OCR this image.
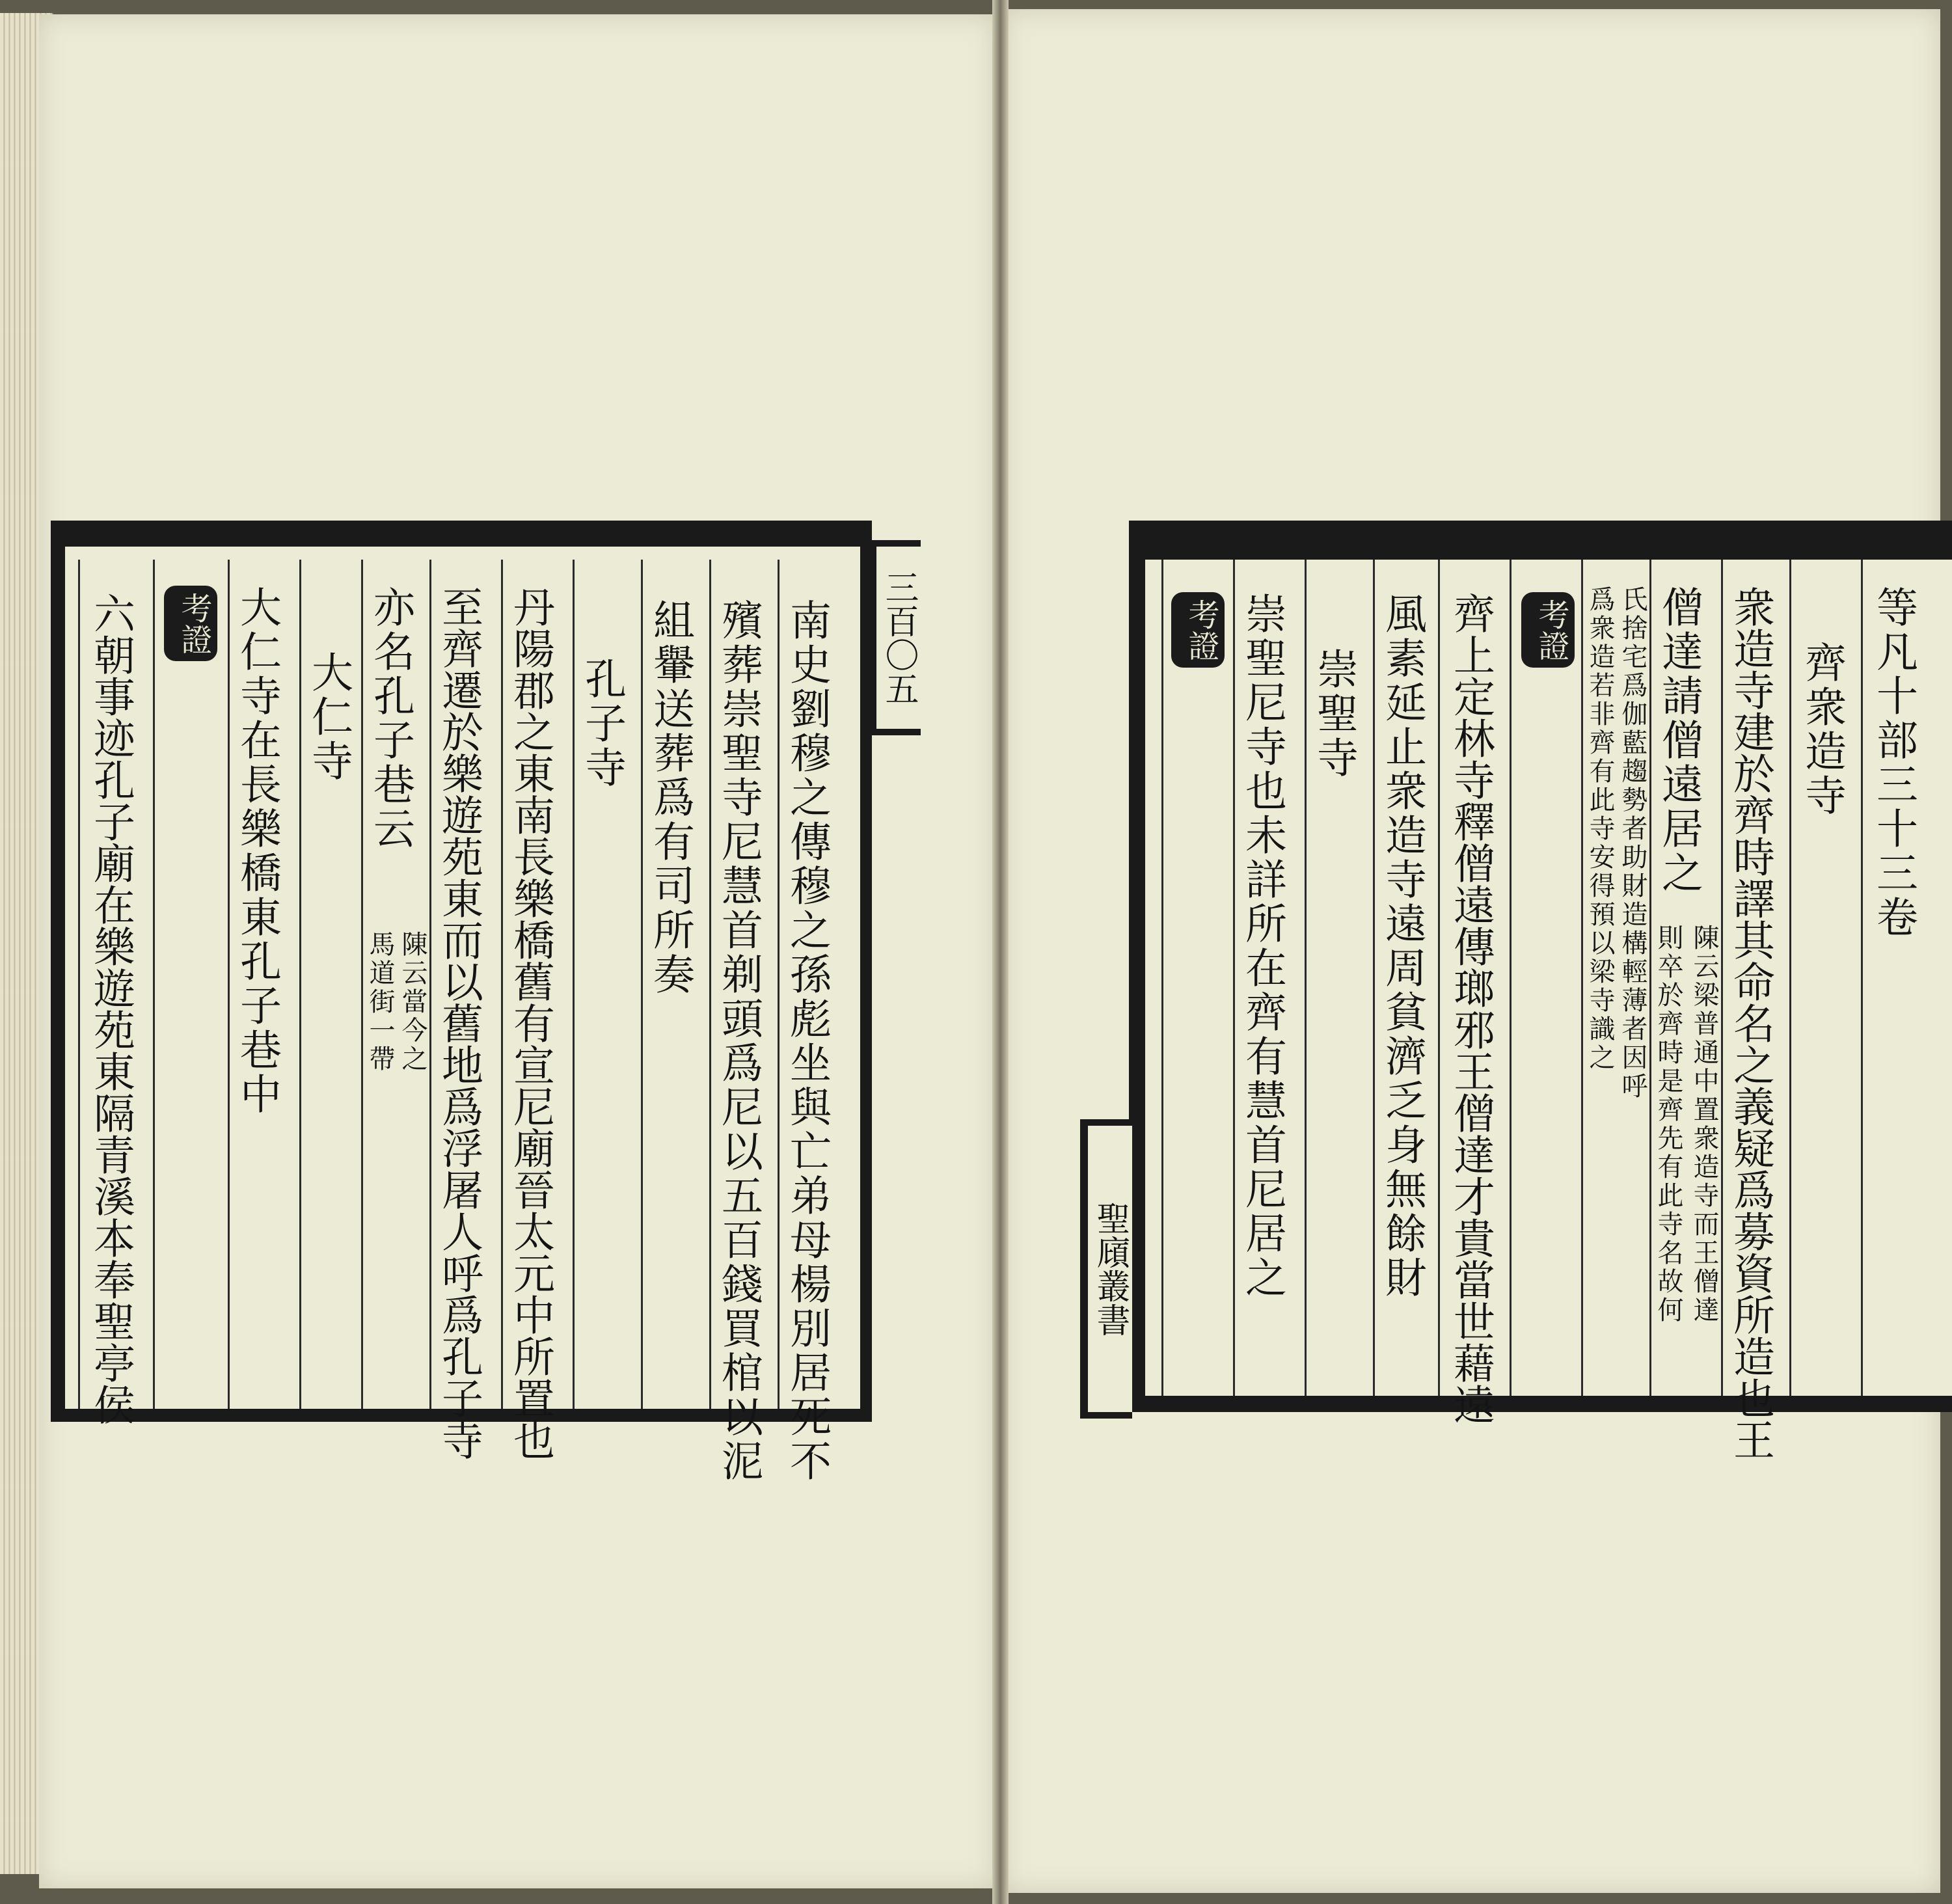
三百〇五
南史劉穆之傳穆之孫彪坐與亡弟母楊別居死不
殯葬崇聖寺尼慧首剃頭爲尼以五百錢買棺以泥
組轝送葬爲有司所奏
孔子寺
丹陽郡之東南長樂橋舊有宣尼廟晉太元中所置也
至齊遷於樂遊苑東而以舊地爲浮屠人呼爲孔子寺
亦名孔子巷云
陳云當今之
馬道街一帶
大仁寺
大仁寺在長樂橋東孔子巷中
考證
六朝事迹孔子廟在樂遊苑東隔青溪本奉聖亭侯	聖廎叢書
等凡十部三十三卷
齊衆造寺
衆造寺建於齊時譯其命名之義疑爲募資所造也王
僧達請僧遠居之
陳云梁普通中置衆造寺而王僧達
則卒於齊時是齊先有此寺名故何
氏捨宅爲伽藍趨勢者助財造構輕薄者因呼
爲衆造若非齊有此寺安得預以梁寺識之
考證
齊上定林寺釋僧遠傳瑯邪王僧達才貴當世藉遠
風素延止衆造寺遠周貧濟乏身無餘財
崇聖寺
考證 崇聖尼寺也未詳所在齊有慧首尼居之
